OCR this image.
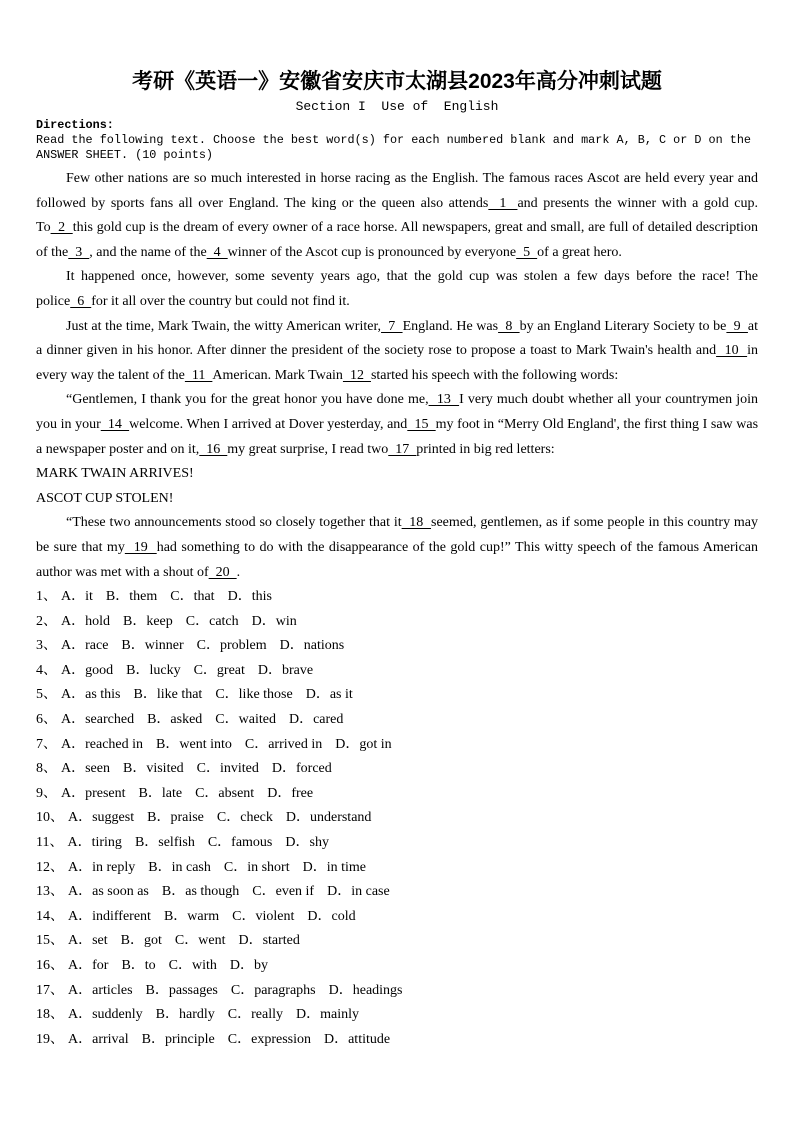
考研《英语一》安徽省安庆市太湖县2023年高分冲刺试题
Section I  Use of  English
Directions:
Read the following text. Choose the best word(s) for each numbered blank and mark A, B, C or D on the ANSWER SHEET. (10 points)

Few other nations are so much interested in horse racing as the English. The famous races Ascot are held every year and followed by sports fans all over England. The king or the queen also attends  1  and presents the winner with a gold cup. To  2  this gold cup is the dream of every owner of a race horse. All newspapers, great and small, are full of detailed description of the  3  , and the name of the  4  winner of the Ascot cup is pronounced by everyone  5  of a great hero.

It happened once, however, some seventy years ago, that the gold cup was stolen a few days before the race! The police  6  for it all over the country but could not find it.

Just at the time, Mark Twain, the witty American writer,  7  England. He was  8  by an England Literary Society to be  9  at a dinner given in his honor. After dinner the president of the society rose to propose a toast to Mark Twain's health and  10  in every way the talent of the  11  American. Mark Twain  12  started his speech with the following words:

“Gentlemen, I thank you for the great honor you have done me,  13  I very much doubt whether all your countrymen join you in your  14  welcome. When I arrived at Dover yesterday, and  15  my foot in “Merry Old England', the first thing I saw was a newspaper poster and on it,  16  my great surprise, I read two  17  printed in big red letters:

MARK TWAIN ARRIVES!

ASCOT CUP STOLEN!

“These two announcements stood so closely together that it  18  seemed, gentlemen, as if some people in this country may be sure that my  19  had something to do with the disappearance of the gold cup!” This witty speech of the famous American author was met with a shout of  20  .

1、 A．it B．them C．that D．this
2、 A．hold B．keep C．catch D．win
3、 A．race B．winner C．problem D．nations
4、 A．good B．lucky C．great D．brave
5、 A．as this B．like that C．like those D．as it
6、 A．searched B．asked C．waited D．cared
7、 A．reached in B．went into C．arrived in D．got in
8、 A．seen B．visited C．invited D．forced
9、 A．present B．late C．absent D．free
10、 A．suggest B．praise C．check D．understand
11、 A．tiring B．selfish C．famous D．shy
12、 A．in reply B．in cash C．in short D．in time
13、 A．as soon as B．as though C．even if D．in case
14、 A．indifferent B．warm C．violent D．cold
15、 A．set B．got C．went D．started
16、 A．for B．to C．with D．by
17、 A．articles B．passages C．paragraphs D．headings
18、 A．suddenly B．hardly C．really D．mainly
19、 A．arrival B．principle C．expression D．attitude
